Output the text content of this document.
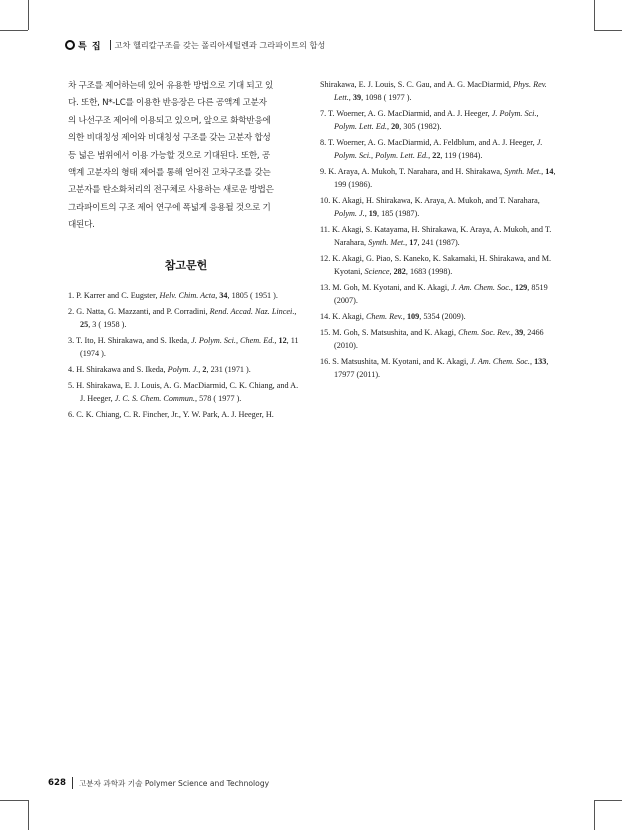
특 집 고차 헬리칼구조를 갖는 폴리아세틸렌과 그라파이트의 합성

차 구조를 제어하는데 있어 유용한 방법으로 기대 되고 있
다. 또한, N*-LC를 이용한 반응장은 다른 공액계 고분자
의 나선구조 제어에 이용되고 있으며, 앞으로 화학반응에
의한 비대칭성 제어와 비대칭성 구조를 갖는 고분자 합성
등 넓은 범위에서 이용 가능할 것으로 기대된다. 또한, 공
액계 고분자의 형태 제어를 통해 얻어진 고차구조를 갖는
고분자를 탄소화처리의 전구체로 사용하는 새로운 방법은
그라파이트의 구조 제어 연구에 폭넓게 응용될 것으로 기
대된다.

참고문헌

1. P. Karrer and C. Eugster, Helv. Chim. Acta, 34, 1805 ( 1951 ).

2. G. Natta, G. Mazzanti, and P. Corradini, Rend. Accad. Naz. Lincei., 25, 3 ( 1958 ).

3. T. Ito, H. Shirakawa, and S. Ikeda, J. Polym. Sci., Chem. Ed., 12, 11 (1974 ).

4. H. Shirakawa and S. Ikeda, Polym. J., 2, 231 (1971 ).

5. H. Shirakawa, E. J. Louis, A. G. MacDiarmid, C. K. Chiang, and A. J. Heeger, J. C. S. Chem. Commun., 578 ( 1977 ).

6. C. K. Chiang, C. R. Fincher, Jr., Y. W. Park, A. J. Heeger, H.

Shirakawa, E. J. Louis, S. C. Gau, and A. G. MacDiarmid, Phys. Rev. Lett., 39, 1098 ( 1977 ).

7. T. Woerner, A. G. MacDiarmid, and A. J. Heeger, J. Polym. Sci., Polym. Lett. Ed., 20, 305 (1982).

8. T. Woerner, A. G. MacDiarmid, A. Feldblum, and A. J. Heeger, J. Polym. Sci., Polym. Lett. Ed., 22, 119 (1984).

9. K. Araya, A. Mukoh, T. Narahara, and H. Shirakawa, Synth. Met., 14, 199 (1986).

10. K. Akagi, H. Shirakawa, K. Araya, A. Mukoh, and T. Narahara, Polym. J., 19, 185 (1987).

11. K. Akagi, S. Katayama, H. Shirakawa, K. Araya, A. Mukoh, and T. Narahara, Synth. Met., 17, 241 (1987).

12. K. Akagi, G. Piao, S. Kaneko, K. Sakamaki, H. Shirakawa, and M. Kyotani, Science, 282, 1683 (1998).

13. M. Goh, M. Kyotani, and K. Akagi, J. Am. Chem. Soc., 129, 8519 (2007).

14. K. Akagi, Chem. Rev., 109, 5354 (2009).

15. M. Goh, S. Matsushita, and K. Akagi, Chem. Soc. Rev., 39, 2466 (2010).

16. S. Matsushita, M. Kyotani, and K. Akagi, J. Am. Chem. Soc., 133, 17977 (2011).

628 고분자 과학과 기술 Polymer Science and Technology
